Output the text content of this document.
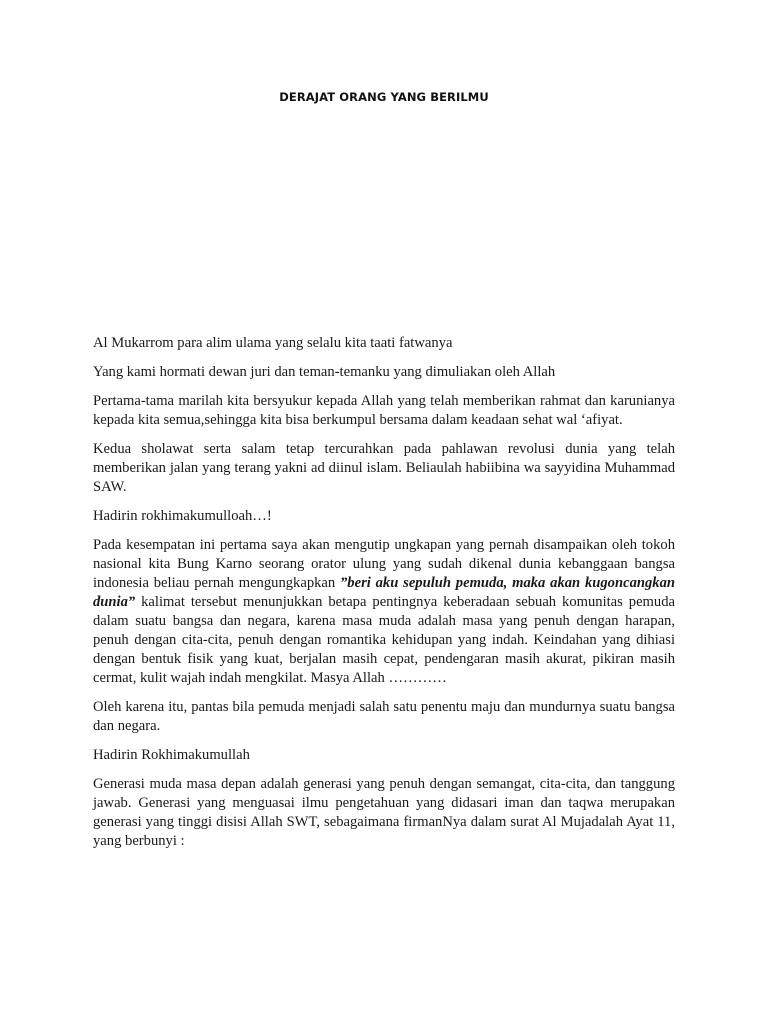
DERAJAT ORANG YANG BERILMU

Al Mukarrom para alim ulama yang selalu kita taati fatwanya

Yang kami hormati dewan juri dan teman-temanku yang dimuliakan oleh Allah

Pertama-tama marilah kita bersyukur kepada Allah yang telah memberikan rahmat dan karunianya kepada kita semua,sehingga kita bisa berkumpul bersama dalam keadaan sehat wal ‘afiyat.

Kedua sholawat serta salam tetap tercurahkan pada pahlawan revolusi dunia yang telah memberikan jalan yang terang yakni ad diinul islam. Beliaulah habiibina wa sayyidina Muhammad SAW.

Hadirin rokhimakumulloah…!

Pada kesempatan ini pertama saya akan mengutip ungkapan yang pernah disampaikan oleh tokoh nasional kita Bung Karno seorang orator ulung yang sudah dikenal dunia kebanggaan bangsa indonesia beliau pernah mengungkapkan ”beri aku sepuluh pemuda, maka akan kugoncangkan dunia” kalimat tersebut menunjukkan betapa pentingnya keberadaan sebuah komunitas pemuda dalam suatu bangsa dan negara, karena masa muda adalah masa yang penuh dengan harapan, penuh dengan cita-cita, penuh dengan romantika kehidupan yang indah. Keindahan yang dihiasi dengan bentuk fisik yang kuat, berjalan masih cepat, pendengaran masih akurat, pikiran masih cermat, kulit wajah indah mengkilat. Masya Allah …………

Oleh karena itu, pantas bila pemuda menjadi salah satu penentu maju dan mundurnya suatu bangsa dan negara.

Hadirin Rokhimakumullah

Generasi muda masa depan adalah generasi yang penuh dengan semangat, cita-cita, dan tanggung jawab. Generasi yang menguasai ilmu pengetahuan yang didasari iman dan taqwa merupakan generasi yang tinggi disisi Allah SWT, sebagaimana firmanNya dalam surat Al Mujadalah Ayat 11, yang berbunyi :
